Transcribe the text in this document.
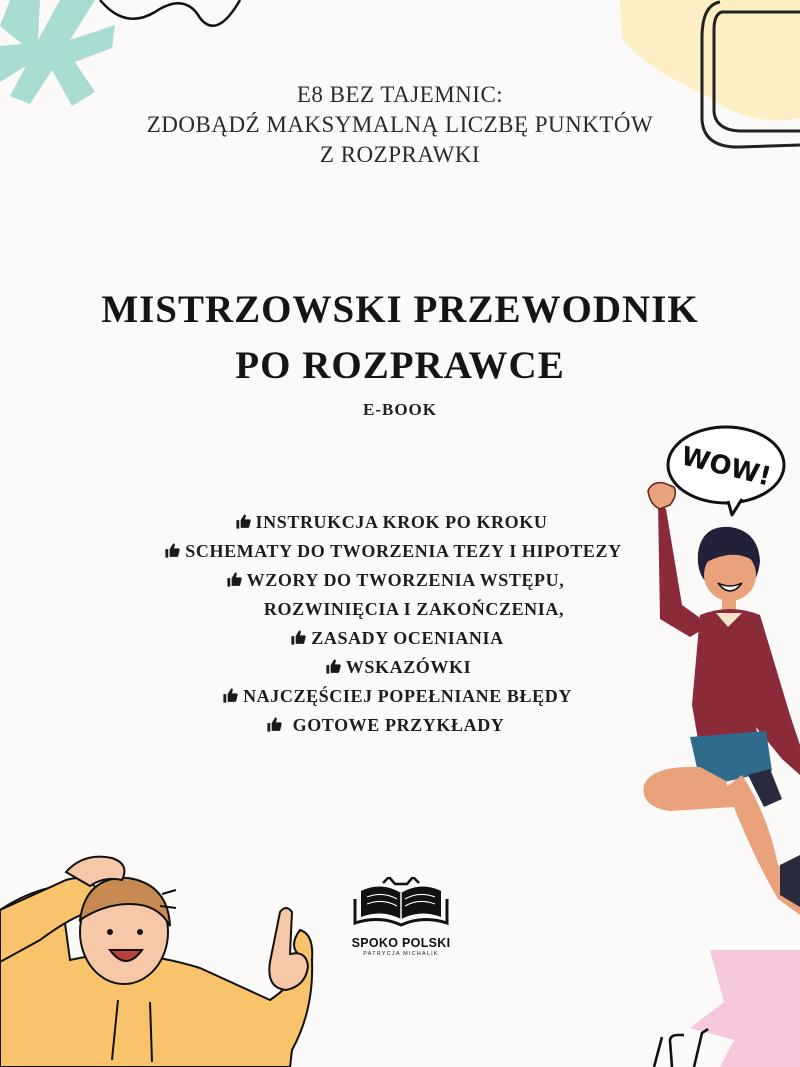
E8 BEZ TAJEMNIC:
ZDOBĄDŹ MAKSYMALNĄ LICZBĘ PUNKTÓW
Z ROZPRAWKI
MISTRZOWSKI PRZEWODNIK
PO ROZPRAWCE
E-BOOK
INSTRUKCJA KROK PO KROKU
SCHEMATY DO TWORZENIA TEZY I HIPOTEZY
WZORY DO TWORZENIA WSTĘPU,
ROZWINIĘCIA I ZAKOŃCZENIA,
ZASADY OCENIANIA
WSKAZÓWKI
NAJCZĘŚCIEJ POPEŁNIANE BŁĘDY
GOTOWE PRZYKŁADY
WOW!
SPOKO POLSKI
PATRYCJA MICHALIK
